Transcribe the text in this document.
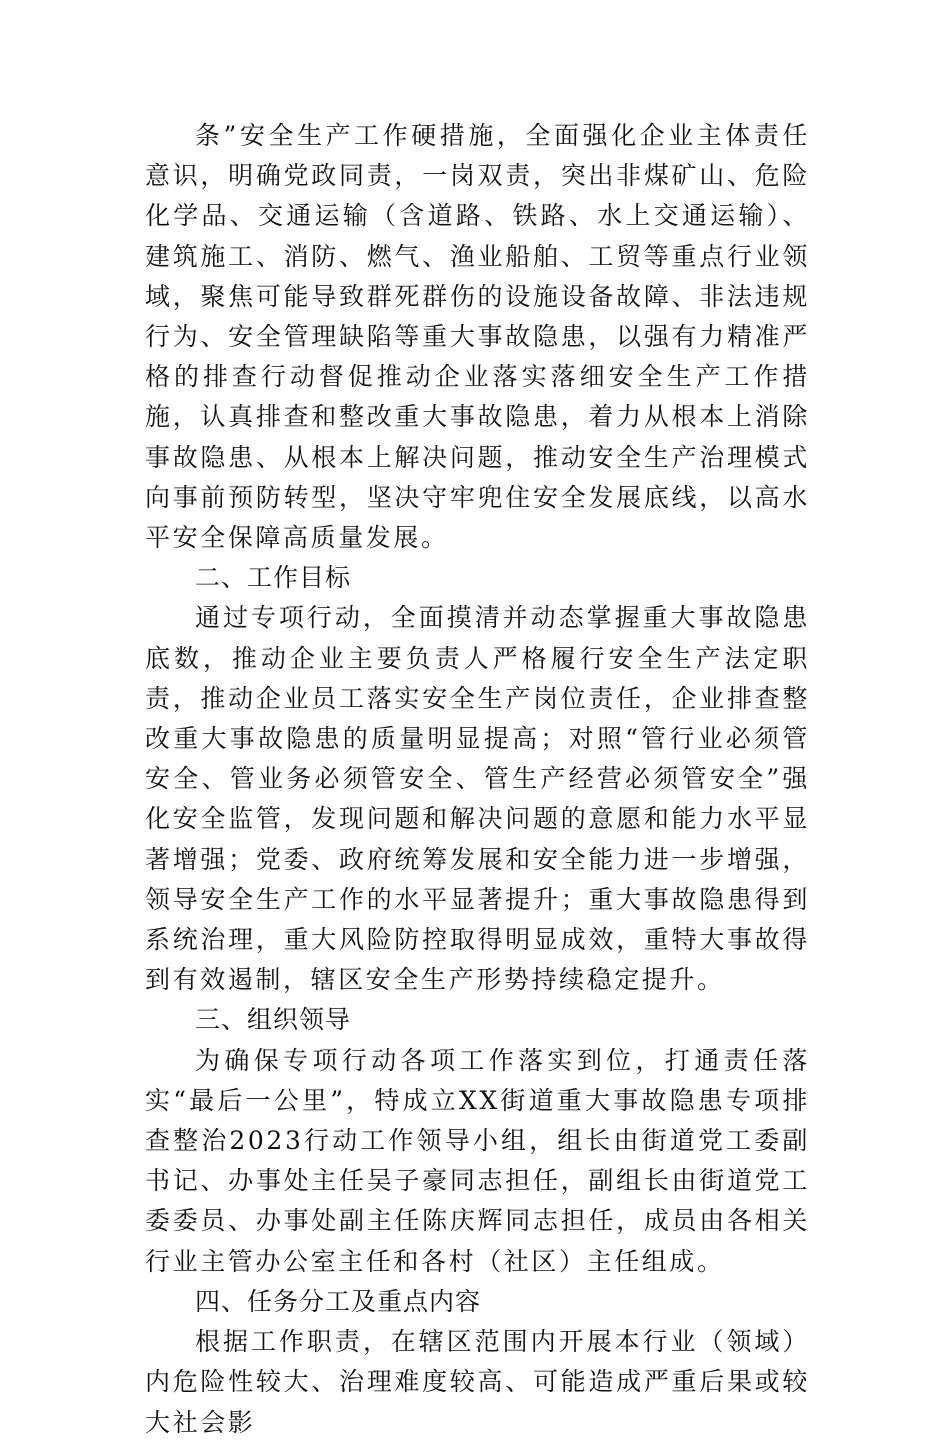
条”安全生产工作硬措施，全面强化企业主体责任意识，明确党政同责，一岗双责，突出非煤矿山、危险化学品、交通运输（含道路、铁路、水上交通运输）、建筑施工、消防、燃气、渔业船舶、工贸等重点行业领域，聚焦可能导致群死群伤的设施设备故障、非法违规行为、安全管理缺陷等重大事故隐患，以强有力精准严格的排查行动督促推动企业落实落细安全生产工作措施，认真排查和整改重大事故隐患，着力从根本上消除事故隐患、从根本上解决问题，推动安全生产治理模式向事前预防转型，坚决守牢兜住安全发展底线，以高水平安全保障高质量发展。

二、工作目标

通过专项行动，全面摸清并动态掌握重大事故隐患底数，推动企业主要负责人严格履行安全生产法定职责，推动企业员工落实安全生产岗位责任，企业排查整改重大事故隐患的质量明显提高；对照“管行业必须管安全、管业务必须管安全、管生产经营必须管安全”强化安全监管，发现问题和解决问题的意愿和能力水平显著增强；党委、政府统筹发展和安全能力进一步增强，领导安全生产工作的水平显著提升；重大事故隐患得到系统治理，重大风险防控取得明显成效，重特大事故得到有效遏制，辖区安全生产形势持续稳定提升。

三、组织领导

为确保专项行动各项工作落实到位，打通责任落实“最后一公里”，特成立XX街道重大事故隐患专项排查整治2023行动工作领导小组，组长由街道党工委副书记、办事处主任吴子豪同志担任，副组长由街道党工委委员、办事处副主任陈庆辉同志担任，成员由各相关行业主管办公室主任和各村（社区）主任组成。

四、任务分工及重点内容

根据工作职责，在辖区范围内开展本行业（领域）内危险性较大、治理难度较高、可能造成严重后果或较大社会影
